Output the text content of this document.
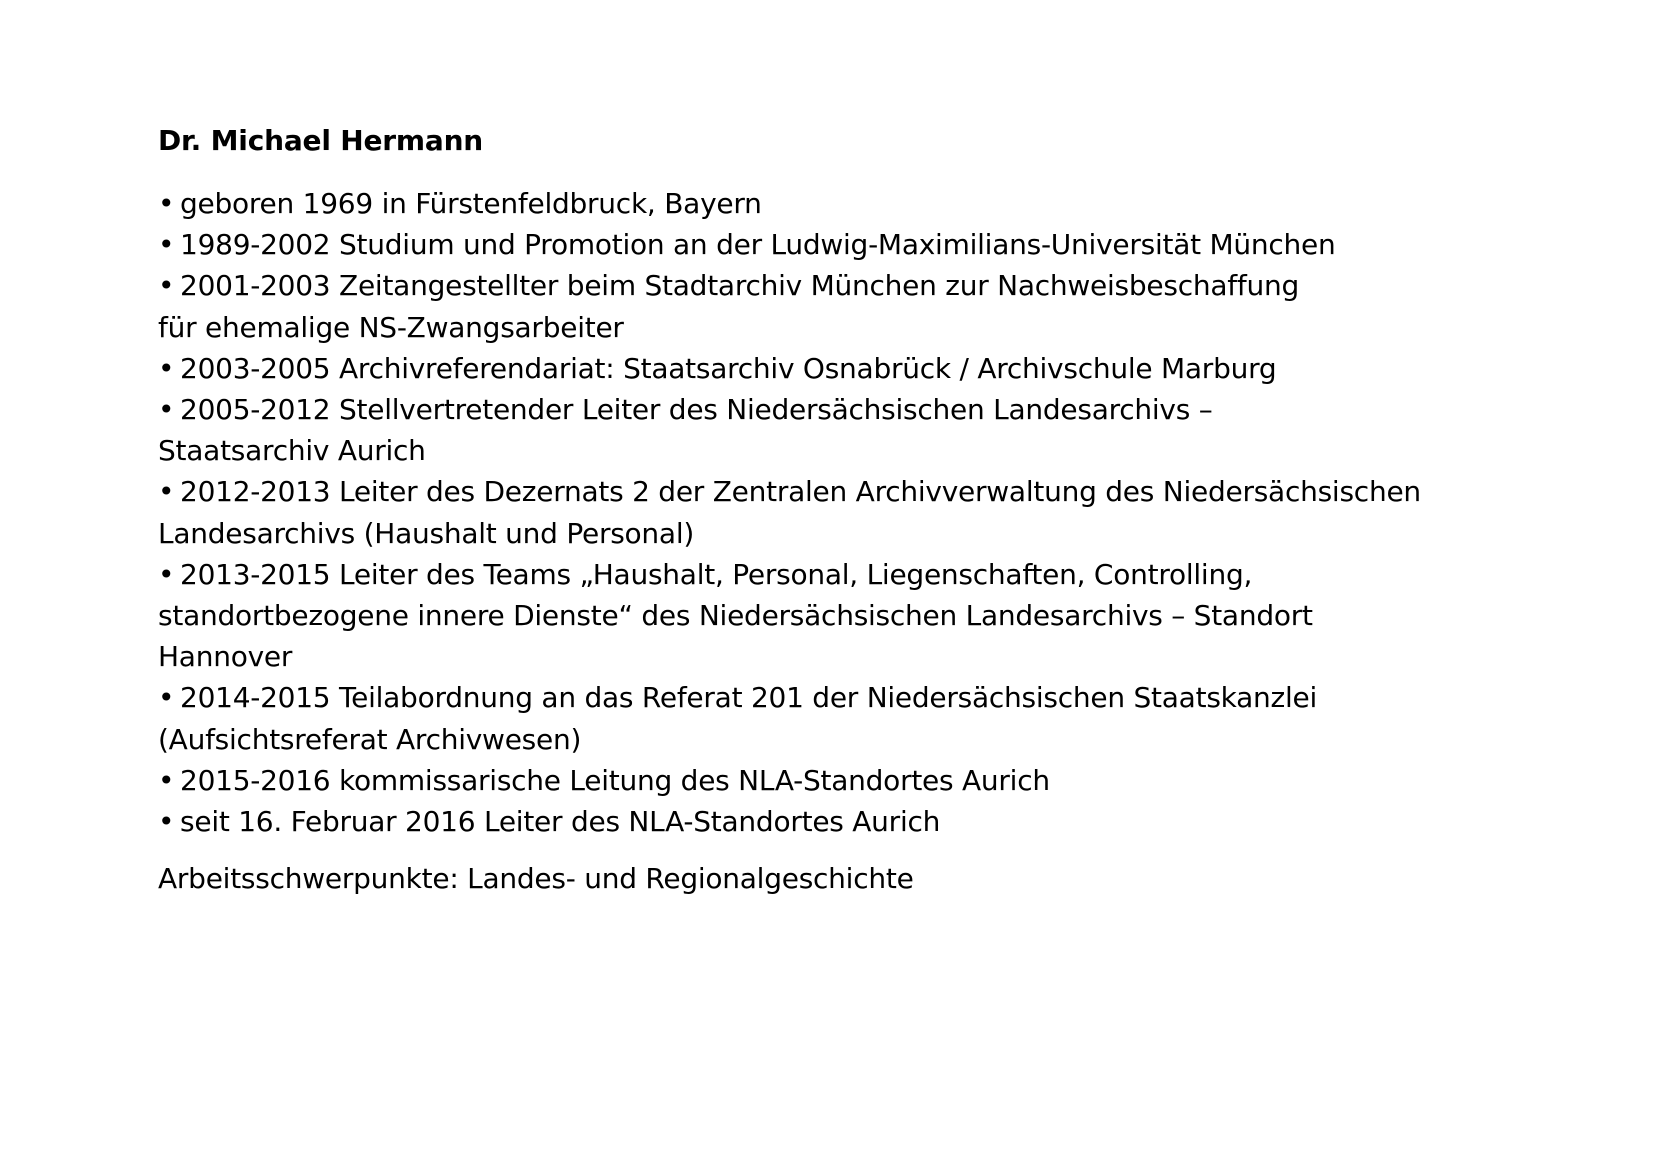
Dr. Michael Hermann
• geboren 1969 in Fürstenfeldbruck, Bayern
• 1989-2002 Studium und Promotion an der Ludwig-Maximilians-Universität München
• 2001-2003 Zeitangestellter beim Stadtarchiv München zur Nachweisbeschaffung für ehemalige NS-Zwangsarbeiter
• 2003-2005 Archivreferendariat: Staatsarchiv Osnabrück / Archivschule Marburg
• 2005-2012 Stellvertretender Leiter des Niedersächsischen Landesarchivs –Staatsarchiv Aurich
• 2012-2013 Leiter des Dezernats 2 der Zentralen Archivverwaltung des Niedersächsischen Landesarchivs (Haushalt und Personal)
• 2013-2015 Leiter des Teams „Haushalt, Personal, Liegenschaften, Controlling, standortbezogene innere Dienste“ des Niedersächsischen Landesarchivs – Standort Hannover
• 2014-2015 Teilabordnung an das Referat 201 der Niedersächsischen Staatskanzlei (Aufsichtsreferat Archivwesen)
• 2015-2016 kommissarische Leitung des NLA-Standortes Aurich
• seit 16. Februar 2016 Leiter des NLA-Standortes Aurich
Arbeitsschwerpunkte: Landes- und Regionalgeschichte
